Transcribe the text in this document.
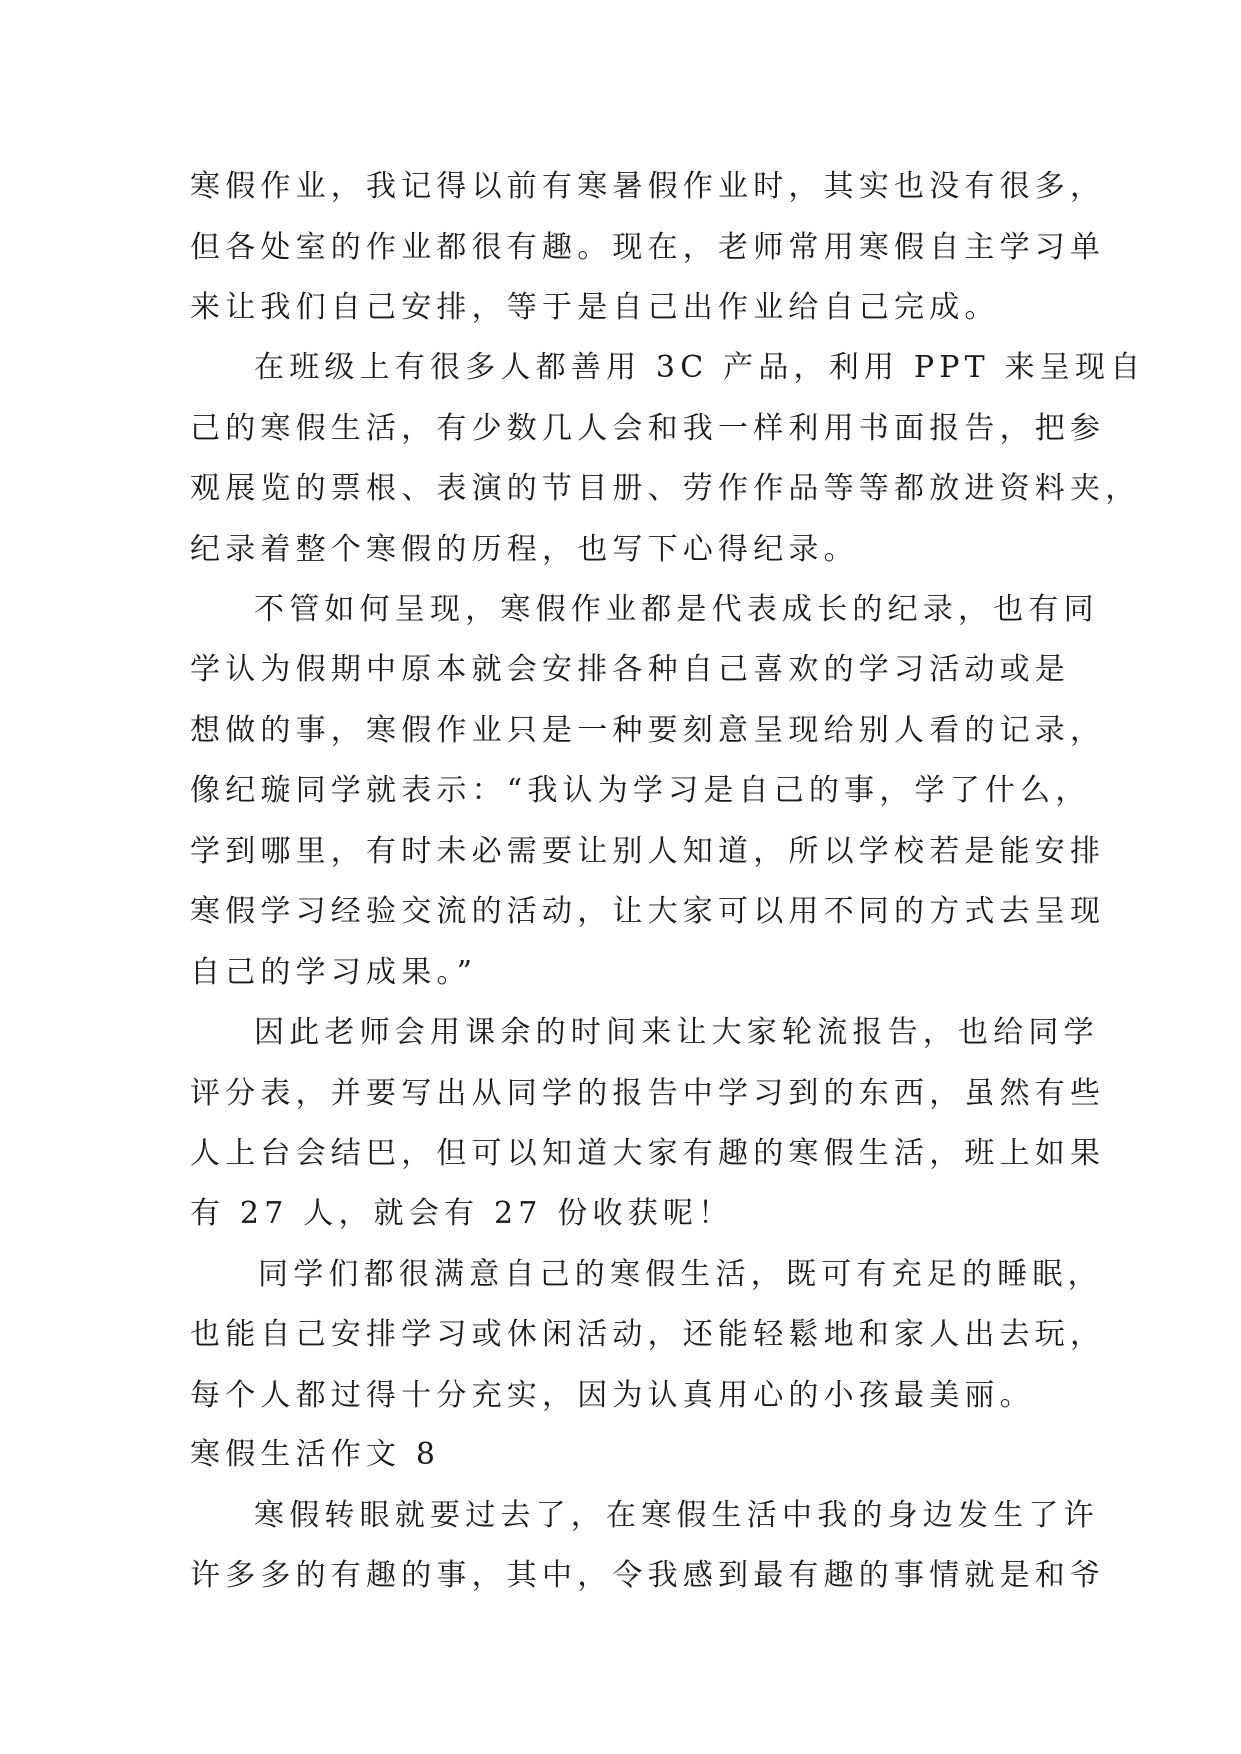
寒假作业，我记得以前有寒暑假作业时，其实也没有很多，
但各处室的作业都很有趣。现在，老师常用寒假自主学习单
来让我们自己安排，等于是自己出作业给自己完成。
在班级上有很多人都善用 3C 产品，利用 PPT 来呈现自
己的寒假生活，有少数几人会和我一样利用书面报告，把参
观展览的票根、表演的节目册、劳作作品等等都放进资料夹，
纪录着整个寒假的历程，也写下心得纪录。
不管如何呈现，寒假作业都是代表成长的纪录，也有同
学认为假期中原本就会安排各种自己喜欢的学习活动或是
想做的事，寒假作业只是一种要刻意呈现给别人看的记录，
像纪璇同学就表示：“我认为学习是自己的事，学了什么，
学到哪里，有时未必需要让别人知道，所以学校若是能安排
寒假学习经验交流的活动，让大家可以用不同的方式去呈现
自己的学习成果。”
因此老师会用课余的时间来让大家轮流报告，也给同学
评分表，并要写出从同学的报告中学习到的东西，虽然有些
人上台会结巴，但可以知道大家有趣的寒假生活，班上如果
有 27 人，就会有 27 份收获呢！
同学们都很满意自己的寒假生活，既可有充足的睡眠，
也能自己安排学习或休闲活动，还能轻鬆地和家人出去玩，
每个人都过得十分充实，因为认真用心的小孩最美丽。
寒假生活作文 8
寒假转眼就要过去了，在寒假生活中我的身边发生了许
许多多的有趣的事，其中，令我感到最有趣的事情就是和爷
